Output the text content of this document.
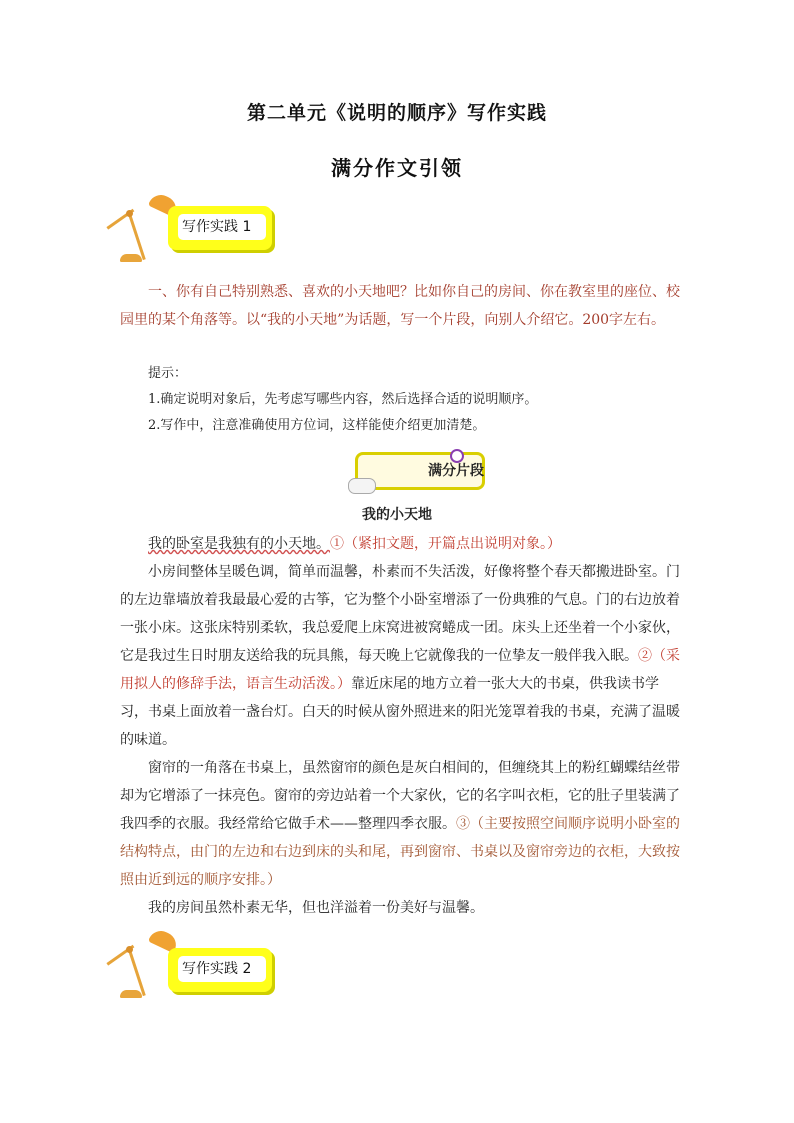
第二单元《说明的顺序》写作实践
满分作文引领
写作实践 1
一、你有自己特别熟悉、喜欢的小天地吧？比如你自己的房间、你在教室里的座位、校园里的某个角落等。以“我的小天地”为话题，写一个片段，向别人介绍它。200字左右。
提示：
1.确定说明对象后，先考虑写哪些内容，然后选择合适的说明顺序。
2.写作中，注意准确使用方位词，这样能使介绍更加清楚。
满分片段
我的小天地

我的卧室是我独有的小天地。①（紧扣文题，开篇点出说明对象。）

小房间整体呈暖色调，简单而温馨，朴素而不失活泼，好像将整个春天都搬进卧室。门的左边靠墙放着我最最心爱的古筝，它为整个小卧室增添了一份典雅的气息。门的右边放着一张小床。这张床特别柔软，我总爱爬上床窝进被窝蜷成一团。床头上还坐着一个小家伙，它是我过生日时朋友送给我的玩具熊，每天晚上它就像我的一位挚友一般伴我入眠。②（采用拟人的修辞手法，语言生动活泼。）靠近床尾的地方立着一张大大的书桌，供我读书学习，书桌上面放着一盏台灯。白天的时候从窗外照进来的阳光笼罩着我的书桌，充满了温暖的味道。

窗帘的一角落在书桌上，虽然窗帘的颜色是灰白相间的，但缠绕其上的粉红蝴蝶结丝带却为它增添了一抹亮色。窗帘的旁边站着一个大家伙，它的名字叫衣柜，它的肚子里装满了我四季的衣服。我经常给它做手术——整理四季衣服。③（主要按照空间顺序说明小卧室的结构特点，由门的左边和右边到床的头和尾，再到窗帘、书桌以及窗帘旁边的衣柜，大致按照由近到远的顺序安排。）

我的房间虽然朴素无华，但也洋溢着一份美好与温馨。

写作实践 2
